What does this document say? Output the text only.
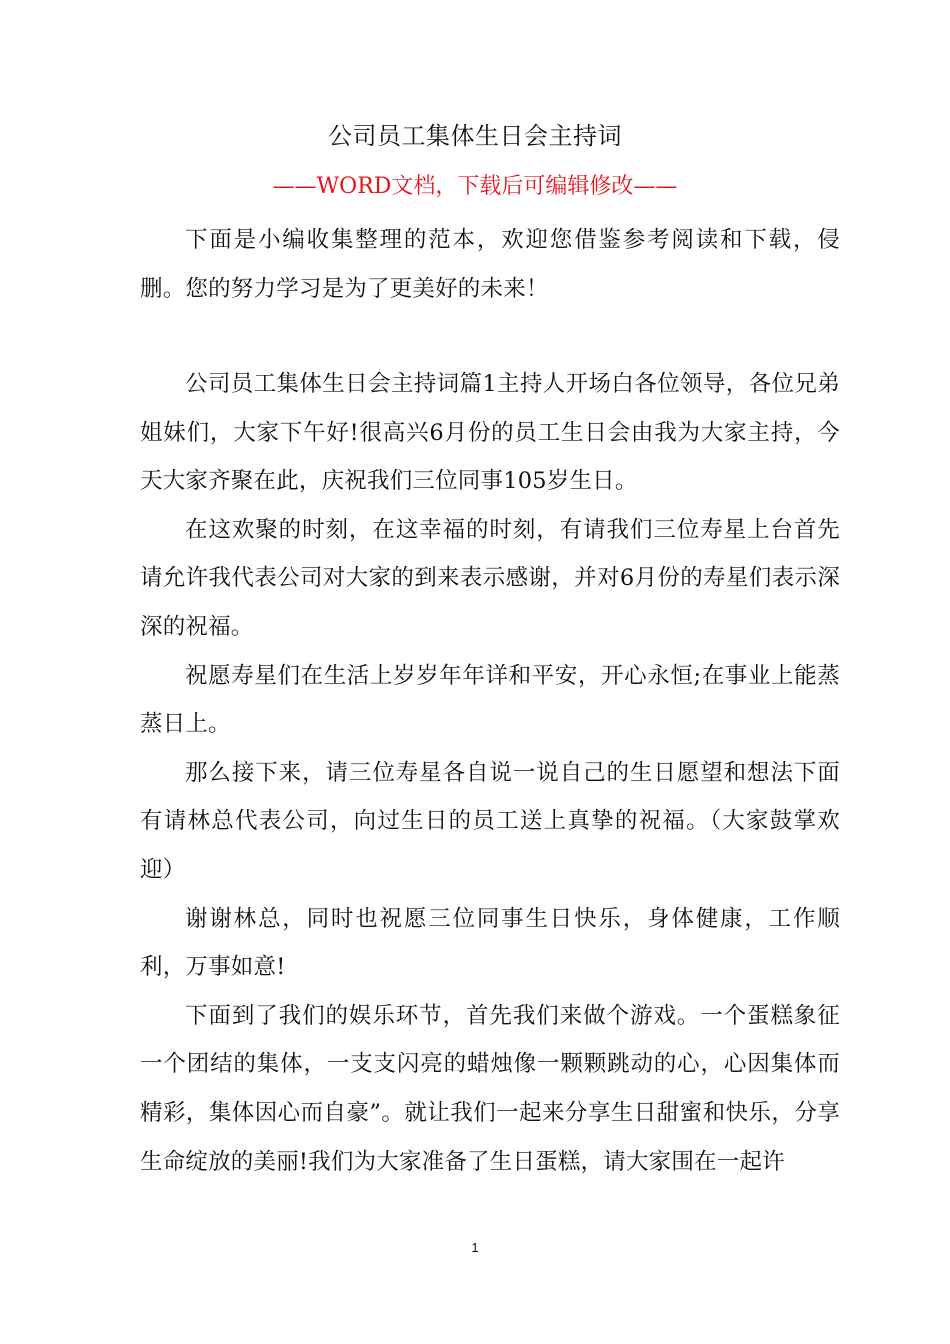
公司员工集体生日会主持词
——WORD文档，下载后可编辑修改——

下面是小编收集整理的范本，欢迎您借鉴参考阅读和下载，侵删。您的努力学习是为了更美好的未来！

公司员工集体生日会主持词篇1主持人开场白各位领导，各位兄弟姐妹们，大家下午好!很高兴6月份的员工生日会由我为大家主持，今天大家齐聚在此，庆祝我们三位同事105岁生日。

在这欢聚的时刻，在这幸福的时刻，有请我们三位寿星上台首先请允许我代表公司对大家的到来表示感谢，并对6月份的寿星们表示深深的祝福。

祝愿寿星们在生活上岁岁年年详和平安，开心永恒;在事业上能蒸蒸日上。

那么接下来，请三位寿星各自说一说自己的生日愿望和想法下面有请林总代表公司，向过生日的员工送上真挚的祝福。（大家鼓掌欢迎）

谢谢林总，同时也祝愿三位同事生日快乐，身体健康，工作顺利，万事如意!

下面到了我们的娱乐环节，首先我们来做个游戏。一个蛋糕象征一个团结的集体，一支支闪亮的蜡烛像一颗颗跳动的心，心因集体而精彩，集体因心而自豪”。就让我们一起来分享生日甜蜜和快乐，分享生命绽放的美丽!我们为大家准备了生日蛋糕，请大家围在一起许

1
